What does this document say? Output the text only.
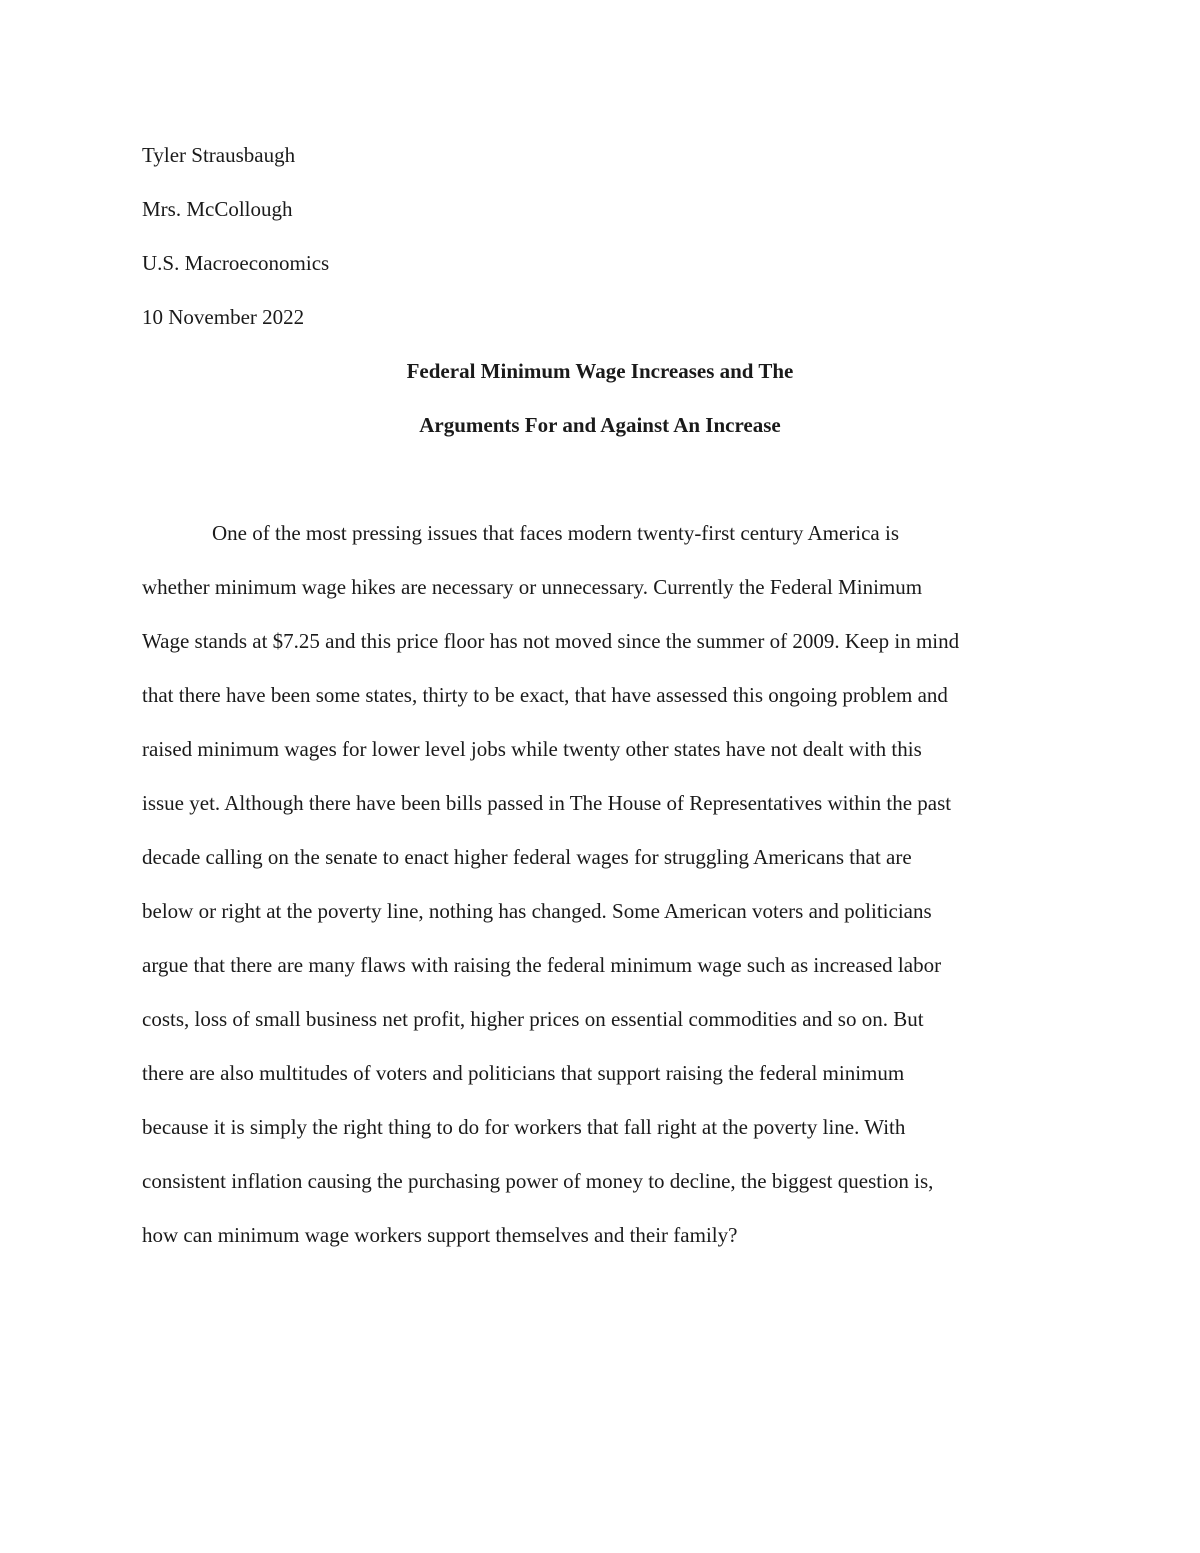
Tyler Strausbaugh
Mrs. McCollough
U.S. Macroeconomics
10 November 2022
Federal Minimum Wage Increases and The
Arguments For and Against An Increase
One of the most pressing issues that faces modern twenty-first century America is
whether minimum wage hikes are necessary or unnecessary. Currently the Federal Minimum
Wage stands at $7.25 and this price floor has not moved since the summer of 2009. Keep in mind
that there have been some states, thirty to be exact, that have assessed this ongoing problem and
raised minimum wages for lower level jobs while twenty other states have not dealt with this
issue yet. Although there have been bills passed in The House of Representatives within the past
decade calling on the senate to enact higher federal wages for struggling Americans that are
below or right at the poverty line, nothing has changed. Some American voters and politicians
argue that there are many flaws with raising the federal minimum wage such as increased labor
costs, loss of small business net profit, higher prices on essential commodities and so on. But
there are also multitudes of voters and politicians that support raising the federal minimum
because it is simply the right thing to do for workers that fall right at the poverty line. With
consistent inflation causing the purchasing power of money to decline, the biggest question is,
how can minimum wage workers support themselves and their family?
